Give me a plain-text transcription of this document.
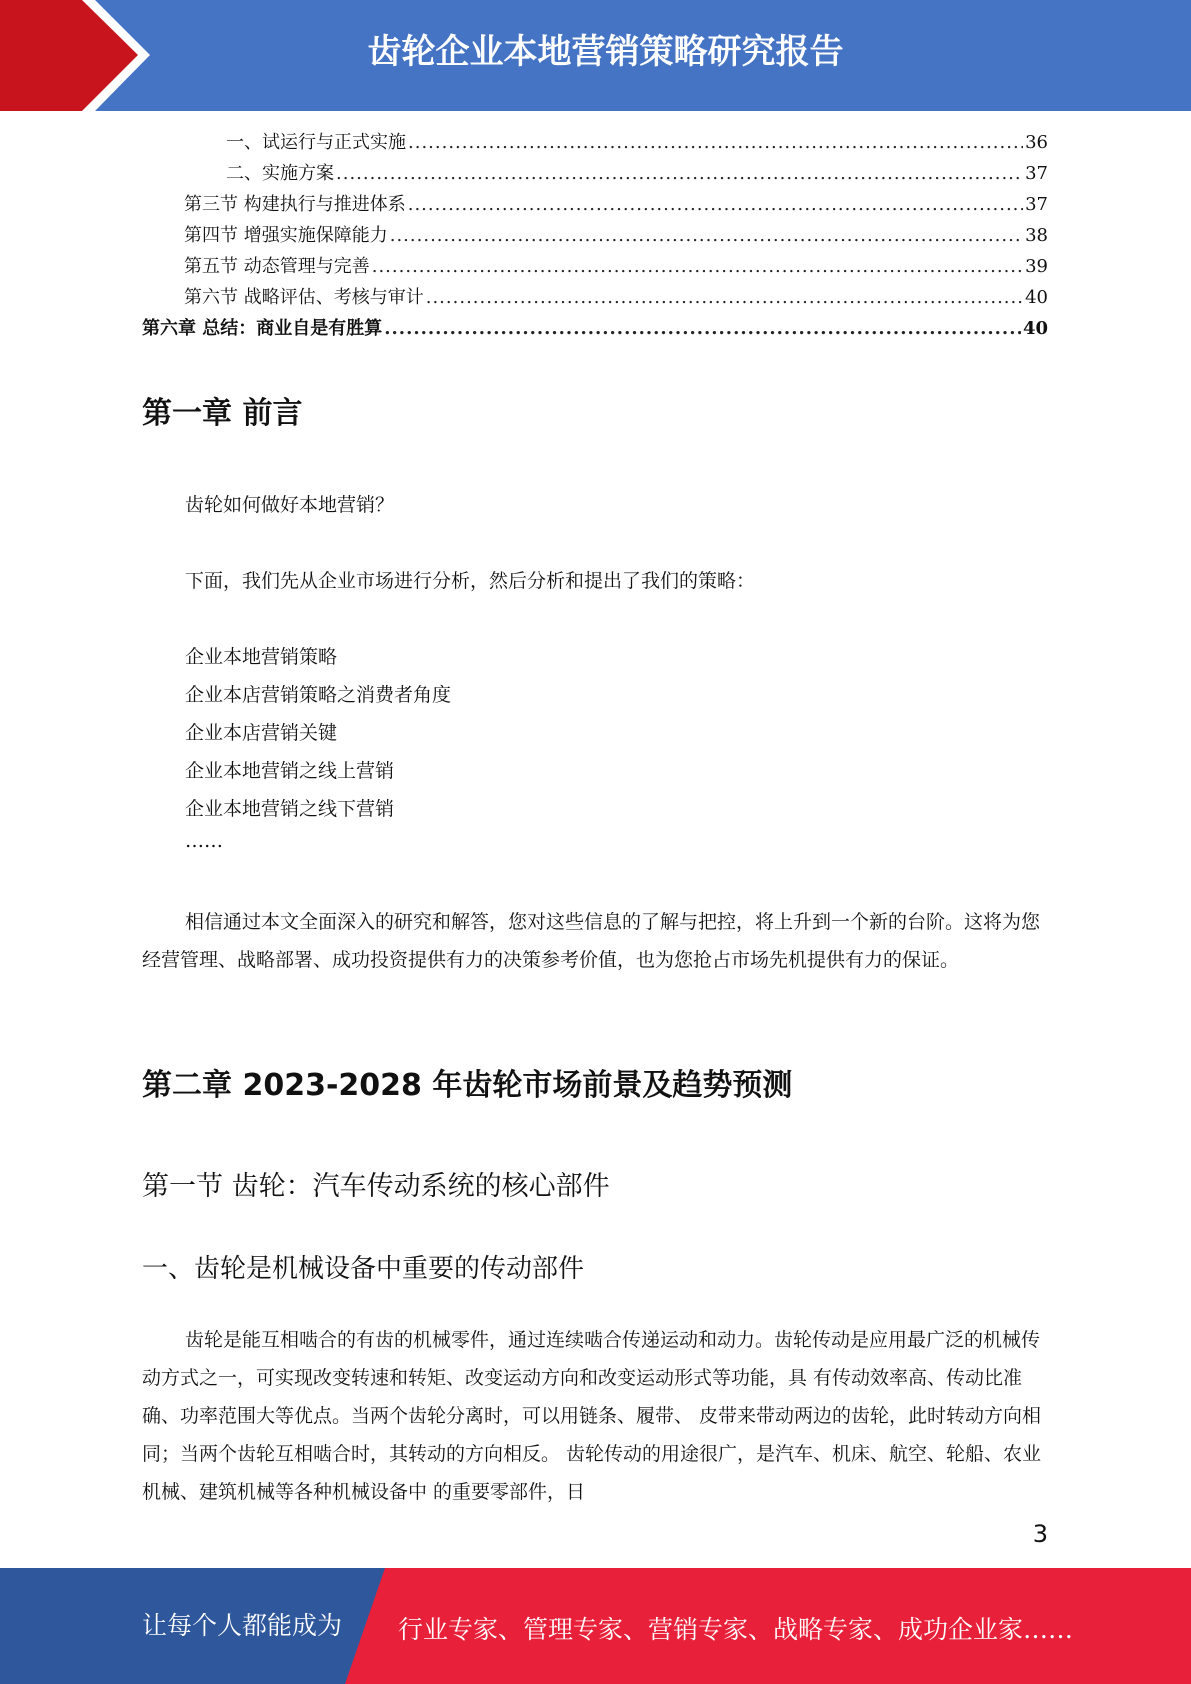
齿轮企业本地营销策略研究报告
一、试运行与正式实施 .....	36
二、实施方案 .....	37
第三节 构建执行与推进体系 .....	37
第四节 增强实施保障能力 .....	38
第五节 动态管理与完善 .....	39
第六节 战略评估、考核与审计 .....	40
第六章 总结：商业自是有胜算 .....	40
第一章 前言
齿轮如何做好本地营销？
下面，我们先从企业市场进行分析，然后分析和提出了我们的策略：
企业本地营销策略
企业本店营销策略之消费者角度
企业本店营销关键
企业本地营销之线上营销
企业本地营销之线下营销
……
相信通过本文全面深入的研究和解答，您对这些信息的了解与把控，将上升到一个新的台阶。这将为您经营管理、战略部署、成功投资提供有力的决策参考价值，也为您抢占市场先机提供有力的保证。
第二章 2023-2028 年齿轮市场前景及趋势预测
第一节 齿轮：汽车传动系统的核心部件
一、齿轮是机械设备中重要的传动部件
齿轮是能互相啮合的有齿的机械零件，通过连续啮合传递运动和动力。齿轮传动是应用最广泛的机械传动方式之一，可实现改变转速和转矩、改变运动方向和改变运动形式等功能，具 有传动效率高、传动比准确、功率范围大等优点。当两个齿轮分离时，可以用链条、履带、 皮带来带动两边的齿轮，此时转动方向相同；当两个齿轮互相啮合时，其转动的方向相反。 齿轮传动的用途很广，是汽车、机床、航空、轮船、农业机械、建筑机械等各种机械设备中 的重要零部件，日
3
让每个人都能成为 行业专家、管理专家、营销专家、战略专家、成功企业家……
